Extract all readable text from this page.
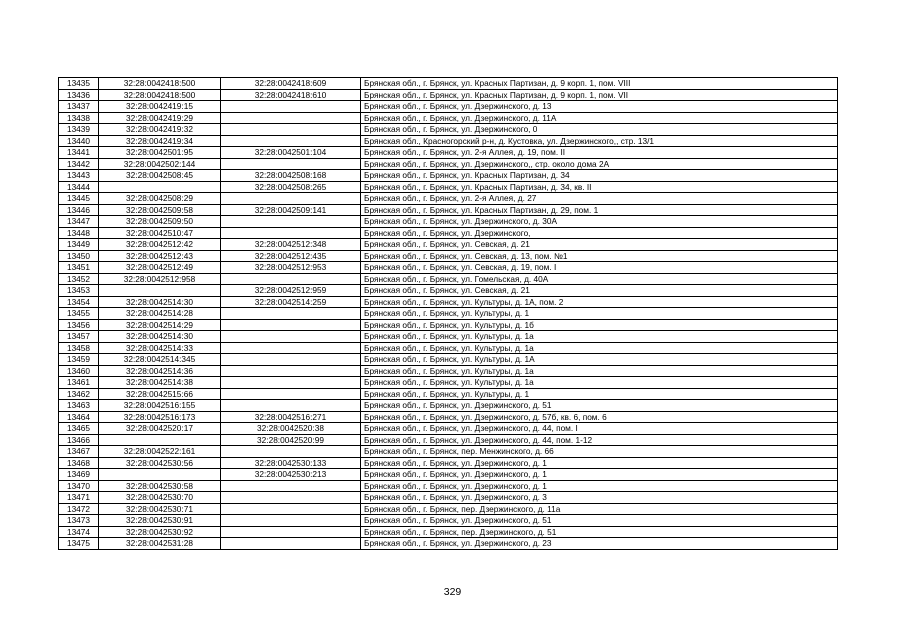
13435	32:28:0042418:500	32:28:0042418:609	Брянская обл., г. Брянск, ул. Красных Партизан, д. 9 корп. 1, пом. VIII
13436	32:28:0042418:500	32:28:0042418:610	Брянская обл., г. Брянск, ул. Красных Партизан, д. 9 корп. 1, пом. VII
13437	32:28:0042419:15		Брянская обл., г. Брянск, ул. Дзержинского, д. 13
13438	32:28:0042419:29		Брянская обл., г. Брянск, ул. Дзержинского, д. 11А
13439	32:28:0042419:32		Брянская обл., г. Брянск, ул. Дзержинского, 0
13440	32:28:0042419:34		Брянская обл., Красногорский р-н, д. Кустовка, ул. Дзержинского,, стр. 13/1
13441	32:28:0042501:95	32:28:0042501:104	Брянская обл., г. Брянск, ул. 2-я Аллея, д. 19, пом. II
13442	32:28:0042502:144		Брянская обл., г. Брянск, ул. Дзержинского,, стр. около дома 2А
13443	32:28:0042508:45	32:28:0042508:168	Брянская обл., г. Брянск, ул. Красных Партизан, д. 34
13444		32:28:0042508:265	Брянская обл., г. Брянск, ул. Красных Партизан, д. 34, кв. II
13445	32:28:0042508:29		Брянская обл., г. Брянск, ул. 2-я Аллея, д. 27
13446	32:28:0042509:58	32:28:0042509:141	Брянская обл., г. Брянск, ул. Красных Партизан, д. 29, пом. 1
13447	32:28:0042509:50		Брянская обл., г. Брянск, ул. Дзержинского, д. 30А
13448	32:28:0042510:47		Брянская обл., г. Брянск, ул. Дзержинского,
13449	32:28:0042512:42	32:28:0042512:348	Брянская обл., г. Брянск, ул. Севская, д. 21
13450	32:28:0042512:43	32:28:0042512:435	Брянская обл., г. Брянск, ул. Севская, д. 13, пом. №1
13451	32:28:0042512:49	32:28:0042512:953	Брянская обл., г. Брянск, ул. Севская, д. 19, пом. I
13452	32:28:0042512:958		Брянская обл., г. Брянск, ул. Гомельская, д. 40А
13453		32:28:0042512:959	Брянская обл., г. Брянск, ул. Севская, д. 21
13454	32:28:0042514:30	32:28:0042514:259	Брянская обл., г. Брянск, ул. Культуры, д. 1А, пом. 2
13455	32:28:0042514:28		Брянская обл., г. Брянск, ул. Культуры, д. 1
13456	32:28:0042514:29		Брянская обл., г. Брянск, ул. Культуры, д. 1б
13457	32:28:0042514:30		Брянская обл., г. Брянск, ул. Культуры, д. 1а
13458	32:28:0042514:33		Брянская обл., г. Брянск, ул. Культуры, д. 1а
13459	32:28:0042514:345		Брянская обл., г. Брянск, ул. Культуры, д. 1А
13460	32:28:0042514:36		Брянская обл., г. Брянск, ул. Культуры, д. 1а
13461	32:28:0042514:38		Брянская обл., г. Брянск, ул. Культуры, д. 1а
13462	32:28:0042515:66		Брянская обл., г. Брянск, ул. Культуры, д. 1
13463	32:28:0042516:155		Брянская обл., г. Брянск, ул. Дзержинского, д. 51
13464	32:28:0042516:173	32:28:0042516:271	Брянская обл., г. Брянск, ул. Дзержинского, д. 57б, кв. 6, пом. 6
13465	32:28:0042520:17	32:28:0042520:38	Брянская обл., г. Брянск, ул. Дзержинского, д. 44, пом. I
13466		32:28:0042520:99	Брянская обл., г. Брянск, ул. Дзержинского, д. 44, пом. 1-12
13467	32:28:0042522:161		Брянская обл., г. Брянск, пер. Менжинского, д. 66
13468	32:28:0042530:56	32:28:0042530:133	Брянская обл., г. Брянск, ул. Дзержинского, д. 1
13469		32:28:0042530:213	Брянская обл., г. Брянск, ул. Дзержинского, д. 1
13470	32:28:0042530:58		Брянская обл., г. Брянск, ул. Дзержинского, д. 1
13471	32:28:0042530:70		Брянская обл., г. Брянск, ул. Дзержинского, д. 3
13472	32:28:0042530:71		Брянская обл., г. Брянск, пер. Дзержинского, д. 11а
13473	32:28:0042530:91		Брянская обл., г. Брянск, ул. Дзержинского, д. 51
13474	32:28:0042530:92		Брянская обл., г. Брянск, пер. Дзержинского, д. 51
13475	32:28:0042531:28		Брянская обл., г. Брянск, ул. Дзержинского, д. 23
329
